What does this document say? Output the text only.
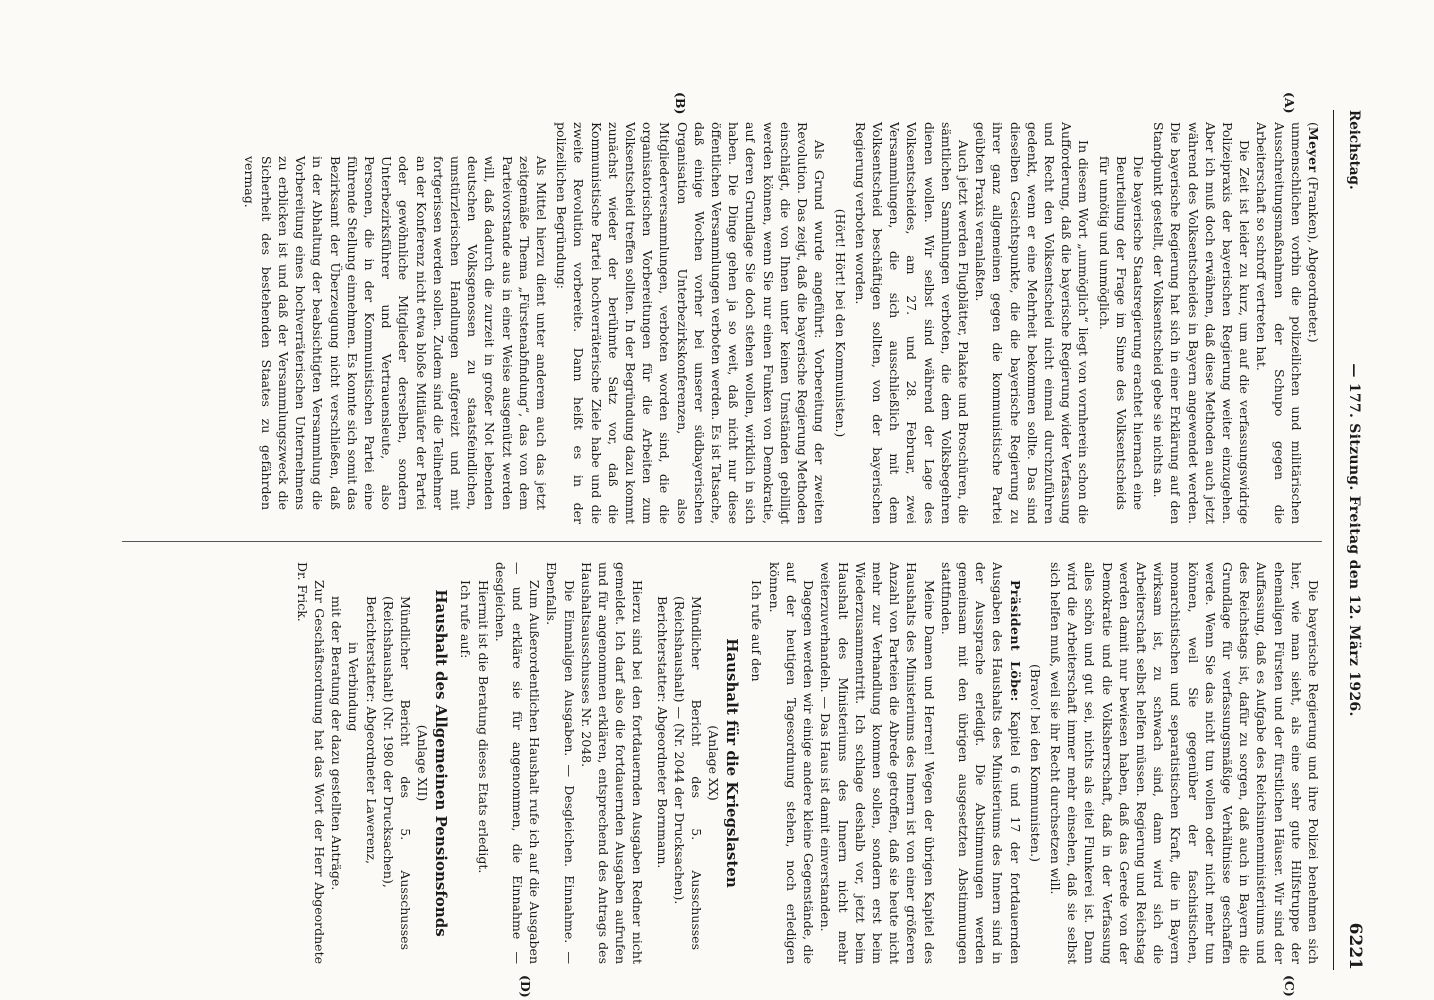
Reichstag.
— 177. Sitzung. Freitag den 12. März 1926.
6221
(A)
(B)
(C)
(D)

(Meyer (Franken), Abgeordneter.)

unmenschlichen vorbin die polizeilichen und militärischen Ausschreitungsmaßnahmen der Schupo gegen die Arbeiterschaft so schroff vertreten hat.

Die Zeit ist leider zu kurz, um auf die verfassungswidrige Polizeipraxis der bayerischen Regierung weiter einzugehen. Aber ich muß doch erwähnen, daß diese Methoden auch jetzt während des Volksentscheides in Bayern angewendet werden. Die bayerische Regierung hat sich in einer Erklärung auf den Standpunkt gestellt, der Volksentscheid gebe sie nichts an.

Die bayerische Staatsregierung erachtet hiernach eine Beurteilung der Frage im Sinne des Volksentscheids für unnötig und unmöglich.

In diesem Wort „unmöglich“ liegt von vornherein schon die Aufforderung, daß die bayerische Regierung wider Verfassung und Recht den Volksentscheid nicht einmal durchzuführen gedenkt, wenn er eine Mehrheit bekommen sollte. Das sind dieselben Gesichtspunkte, die die bayerische Regierung zu ihrer ganz allgemeinen gegen die kommunistische Partei geübten Praxis veranlaßten.

Auch jetzt werden Flugblätter, Plakate und Broschüren, die sämtlichen Sammlungen verboten, die dem Volksbegehren dienen wollen. Wir selbst sind während der Lage des Volksentscheides, am 27. und 28. Februar, zwei Versammlungen, die sich ausschließlich mit dem Volksentscheid beschäftigen sollten, von der bayerischen Regierung verboten worden.

(Hört! Hört! bei den Kommunisten.)

Als Grund wurde angeführt: Vorbereitung der zweiten Revolution. Das zeigt, daß die bayerische Regierung Methoden einschlägt, die von Ihnen unter keinen Umständen gebilligt werden können, wenn Sie nur einen Funken von Demokratie, auf deren Grundlage Sie doch stehen wollen, wirklich in sich haben. Die Dinge gehen ja so weit, daß nicht nur diese öffentlichen Versammlungen verboten werden. Es ist Tatsache, daß einige Wochen vorher bei unserer südbayerischen Organisation Unterbezirkskonferenzen, also Mitgliederversammlungen, verboten worden sind, die die organisatorischen Vorbereitungen für die Arbeiten zum Volksentscheid treffen sollten. In der Begründung dazu kommt zunächst wieder der berühmte Satz vor, daß die Kommunistische Partei hochverräterische Ziele habe und die zweite Revolution vorbereite. Dann heißt es in der polizeilichen Begründung:

Als Mittel hierzu dient unter anderem auch das jetzt zeitgemäße Thema „Fürstenabfindung“, das von dem Parteivorstande aus in einer Weise ausgenützt werden will, daß dadurch die zurzeit in großer Not lebenden deutschen Volksgenossen zu staatsfeindlichen, umstürzlerischen Handlungen aufgereizt und mit fortgerissen werden sollen. Zudem sind die Teilnehmer an der Konferenz nicht etwa bloße Mitläufer der Partei oder gewöhnliche Mitglieder derselben, sondern Unterbezirksführer und Vertrauensleute, also Personen, die in der Kommunistischen Partei eine führende Stellung einnehmen. Es konnte sich somit das Bezirksamt der Überzeugung nicht verschließen, daß in der Abhaltung der beabsichtigten Versammlung die Vorbereitung eines hochverräterischen Unternehmens zu erblicken ist und daß der Versammlungszweck die Sicherheit des bestehenden Staates zu gefährden vermag.

Die bayerische Regierung und ihre Polizei benehmen sich hier, wie man sieht, als eine sehr gute Hilfstruppe der ehemaligen Fürsten und der fürstlichen Häuser. Wir sind der Auffassung, daß es Aufgabe des Reichsinnenministeriums und des Reichstags ist, dafür zu sorgen, daß auch in Bayern die Grundlage für verfassungsmäßige Verhältnisse geschaffen werde. Wenn Sie das nicht tun wollen oder nicht mehr tun können, weil Sie gegenüber der faschistischen, monarchistischen und separatistischen Kraft, die in Bayern wirksam ist, zu schwach sind, dann wird sich die Arbeiterschaft selbst helfen müssen. Regierung und Reichstag werden damit nur bewiesen haben, daß das Gerede von der Demokratie und die Volksherrschaft, daß in der Verfassung alles schön und gut sei, nichts als eitel Flunkerei ist. Dann wird die Arbeiterschaft immer mehr einsehen, daß sie selbst sich helfen muß, weil sie ihr Recht durchsetzen will.

(Bravo! bei den Kommunisten.)

Präsident Löbe: Kapitel 6 und 17 der fortdauernden Ausgaben des Haushalts des Ministeriums des Innern sind in der Aussprache erledigt. Die Abstimmungen werden gemeinsam mit den übrigen ausgesetzten Abstimmungen stattfinden.

Meine Damen und Herren! Wegen der übrigen Kapitel des Haushalts des Ministeriums des Innern ist von einer größeren Anzahl von Parteien die Abrede getroffen, daß sie heute nicht mehr zur Verhandlung kommen sollen, sondern erst beim Wiederzusammentritt. Ich schlage deshalb vor, jetzt beim Haushalt des Ministeriums des Innern nicht mehr weiterzuverhandeln. — Das Haus ist damit einverstanden.

Dagegen werden wir einige andere kleine Gegenstände, die auf der heutigen Tagesordnung stehen, noch erledigen können.

Ich rufe auf den

Haushalt für die Kriegslasten

(Anlage XX)

Mündlicher Bericht des 5. Ausschusses (Reichshaushalt) — (Nr. 2044 der Drucksachen).

Berichterstatter: Abgeordneter Bornmann.

Hierzu sind bei den fortdauernden Ausgaben Redner nicht gemeldet. Ich darf also die fortdauernden Ausgaben aufrufen und für angenommen erklären, entsprechend des Antrags des Haushaltsausschusses Nr. 2048.

Die Einmaligen Ausgaben. — Desgleichen. Einnahme. — Ebenfalls.

Zum Außerordentlichen Haushalt rufe ich auf die Ausgaben — und erkläre sie für angenommen, die Einnahme — desgleichen.

Hiermit ist die Beratung dieses Etats erledigt.

Ich rufe auf:

Haushalt des Allgemeinen Pensionsfonds

(Anlage XII)

Mündlicher Bericht des 5. Ausschusses (Reichshaushalt) (Nr. 1980 der Drucksachen),

Berichterstatter: Abgeordneter Lawerenz,

in Verbindung

mit der Beratung der dazu gestellten Anträge.

Zur Geschäftsordnung hat das Wort der Herr Abgeordnete Dr. Frick.
